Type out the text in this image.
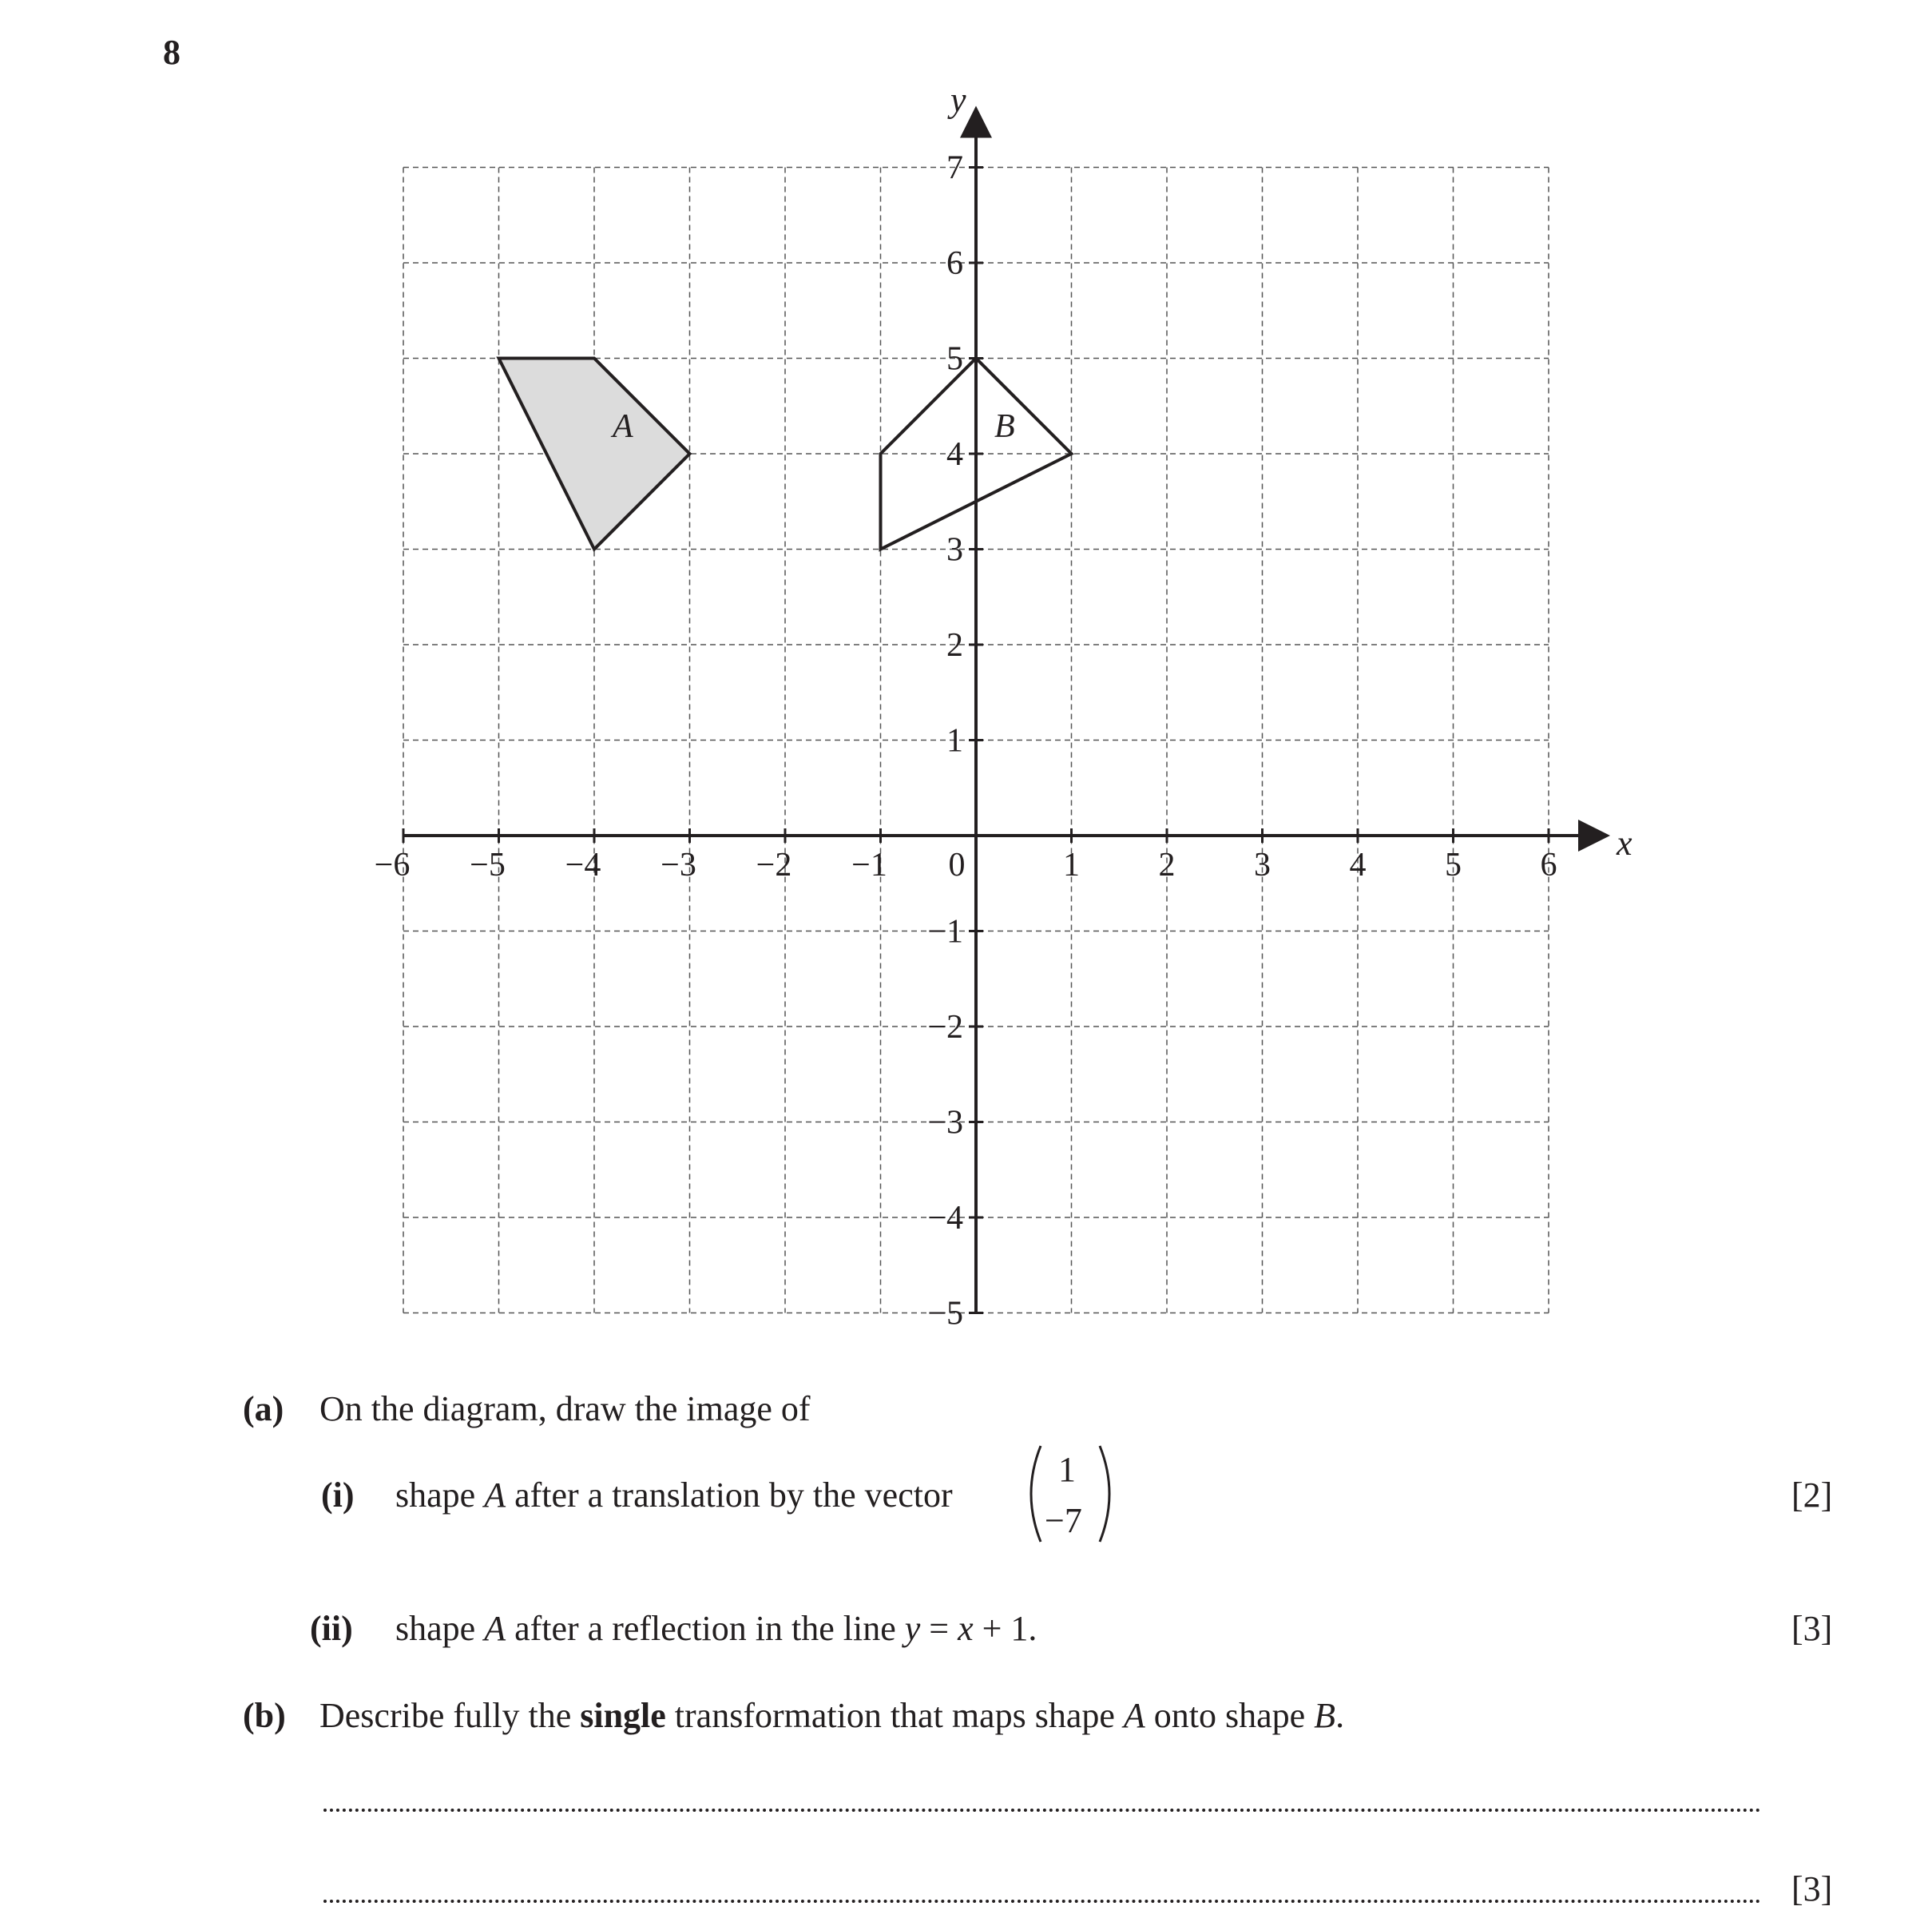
8
A	B
−6 −5 −4 −3 −2 −1	1 2 3 4 5 6
7
6
5
4
3
2
1
−1
−2
−3
−4
−5
0
x
y
(a) On the diagram, draw the image of
(i) shape A after a translation by the vector
1
−7
[2]
(ii) shape A after a reflection in the line y = x + 1.	[3]
(b) Describe fully the single transformation that maps shape A onto shape B.
[3]
